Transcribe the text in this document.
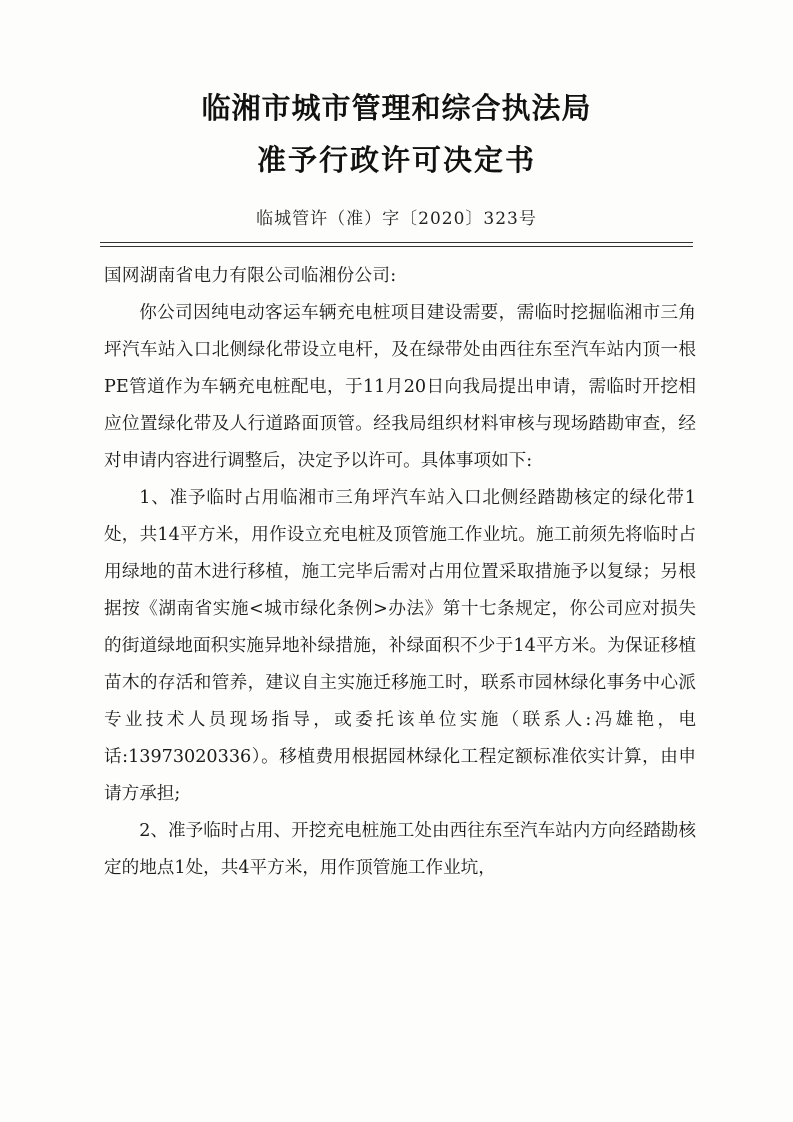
临湘市城市管理和综合执法局
准予行政许可决定书
临城管许（准）字〔2020〕323号

国网湖南省电力有限公司临湘份公司:

你公司因纯电动客运车辆充电桩项目建设需要，需临时挖掘临湘市三角坪汽车站入口北侧绿化带设立电杆，及在绿带处由西往东至汽车站内顶一根PE管道作为车辆充电桩配电，于11月20日向我局提出申请，需临时开挖相应位置绿化带及人行道路面顶管。经我局组织材料审核与现场踏勘审查，经对申请内容进行调整后，决定予以许可。具体事项如下:

1、准予临时占用临湘市三角坪汽车站入口北侧经踏勘核定的绿化带1处，共14平方米，用作设立充电桩及顶管施工作业坑。施工前须先将临时占用绿地的苗木进行移植，施工完毕后需对占用位置采取措施予以复绿；另根据按《湖南省实施<城市绿化条例>办法》第十七条规定，你公司应对损失的街道绿地面积实施异地补绿措施，补绿面积不少于14平方米。为保证移植苗木的存活和管养，建议自主实施迁移施工时，联系市园林绿化事务中心派专业技术人员现场指导，或委托该单位实施（联系人:冯雄艳，电话:13973020336）。移植费用根据园林绿化工程定额标准依实计算，由申请方承担;

2、准予临时占用、开挖充电桩施工处由西往东至汽车站内方向经踏勘核定的地点1处，共4平方米，用作顶管施工作业坑，
